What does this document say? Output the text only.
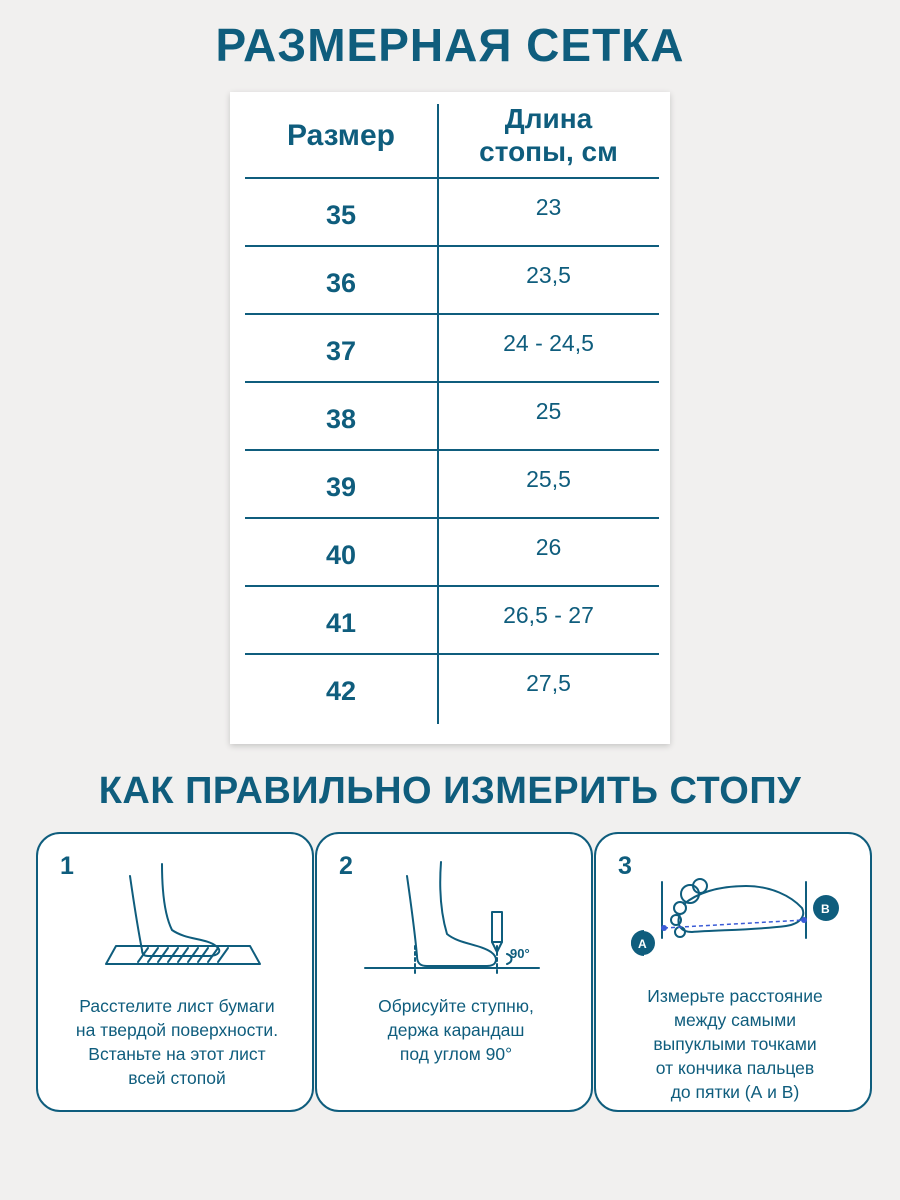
РАЗМЕРНАЯ СЕТКА
Размер	Длина
стопы, см
35	23
36	23,5
37	24 - 24,5
38	25
39	25,5
40	26
41	26,5 - 27
42	27,5
КАК ПРАВИЛЬНО ИЗМЕРИТЬ СТОПУ
1
Расстелите лист бумаги
на твердой поверхности.
Встаньте на этот лист
всей стопой
2
90°
Обрисуйте ступню,
держа карандаш
под углом 90°
3
A
B
Измерьте расстояние
между самыми
выпуклыми точками
от кончика пальцев
до пятки (А и В)
